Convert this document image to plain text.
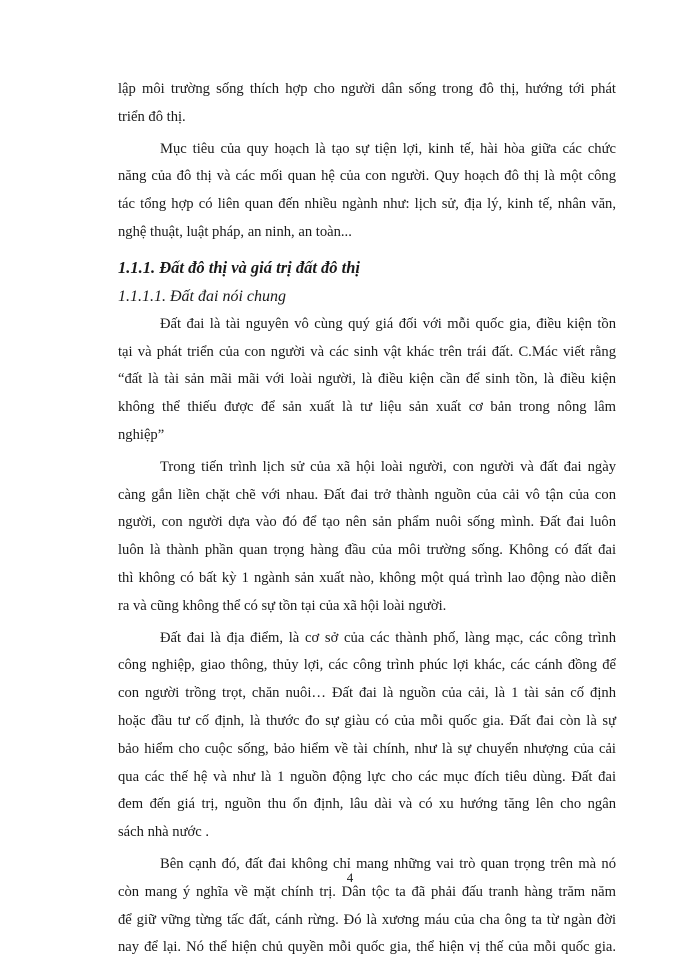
lập môi trường sống thích hợp cho người dân sống trong đô thị, hướng tới phát
triển đô thị.
Mục tiêu của quy hoạch là tạo sự tiện lợi, kinh tế, hài hòa giữa các chức
năng của đô thị và các mối quan hệ của con người. Quy hoạch đô thị là một công
tác tổng hợp có liên quan đến nhiều ngành như: lịch sử, địa lý, kinh tế, nhân văn,
nghệ thuật, luật pháp, an ninh, an toàn...
1.1.1. Đất đô thị và giá trị đất đô thị
1.1.1.1. Đất đai nói chung
Đất đai là tài nguyên vô cùng quý giá đối với mỗi quốc gia, điều kiện tồn
tại và phát triển của con người và các sinh vật khác trên trái đất. C.Mác viết rằng
“đất là tài sản mãi mãi với loài người, là điều kiện cần để sinh tồn, là điều kiện
không thể thiếu được để sản xuất là tư liệu sản xuất cơ bản trong nông lâm
nghiệp”
Trong tiến trình lịch sử của xã hội loài người, con người và đất đai ngày
càng gắn liền chặt chẽ với nhau. Đất đai trở thành nguồn của cải vô tận của con
người, con người dựa vào đó để tạo nên sản phẩm nuôi sống mình. Đất đai luôn
luôn là thành phần quan trọng hàng đầu của môi trường sống. Không có đất đai
thì không có bất kỳ 1 ngành sản xuất nào, không một quá trình lao động nào diễn
ra và cũng không thể có sự tồn tại của xã hội loài người.
Đất đai là địa điểm, là cơ sở của các thành phố, làng mạc, các công trình
công nghiệp, giao thông, thủy lợi, các công trình phúc lợi khác, các cánh đồng để
con người trồng trọt, chăn nuôi… Đất đai là nguồn của cải, là 1 tài sản cố định
hoặc đầu tư cố định, là thước đo sự giàu có của mỗi quốc gia. Đất đai còn là sự
bảo hiểm cho cuộc sống, bảo hiểm về tài chính, như là sự chuyển nhượng của cải
qua các thế hệ và như là 1 nguồn động lực cho các mục đích tiêu dùng. Đất đai
đem đến giá trị, nguồn thu ổn định, lâu dài và có xu hướng tăng lên cho ngân
sách nhà nước .
Bên cạnh đó, đất đai không chỉ mang những vai trò quan trọng trên mà nó
còn mang ý nghĩa về mặt chính trị. Dân tộc ta đã phải đấu tranh hàng trăm năm
để giữ vững từng tấc đất, cánh rừng. Đó là xương máu của cha ông ta từ ngàn đời
nay để lại. Nó thể hiện chủ quyền mỗi quốc gia, thể hiện vị thế của mỗi quốc gia.
4
